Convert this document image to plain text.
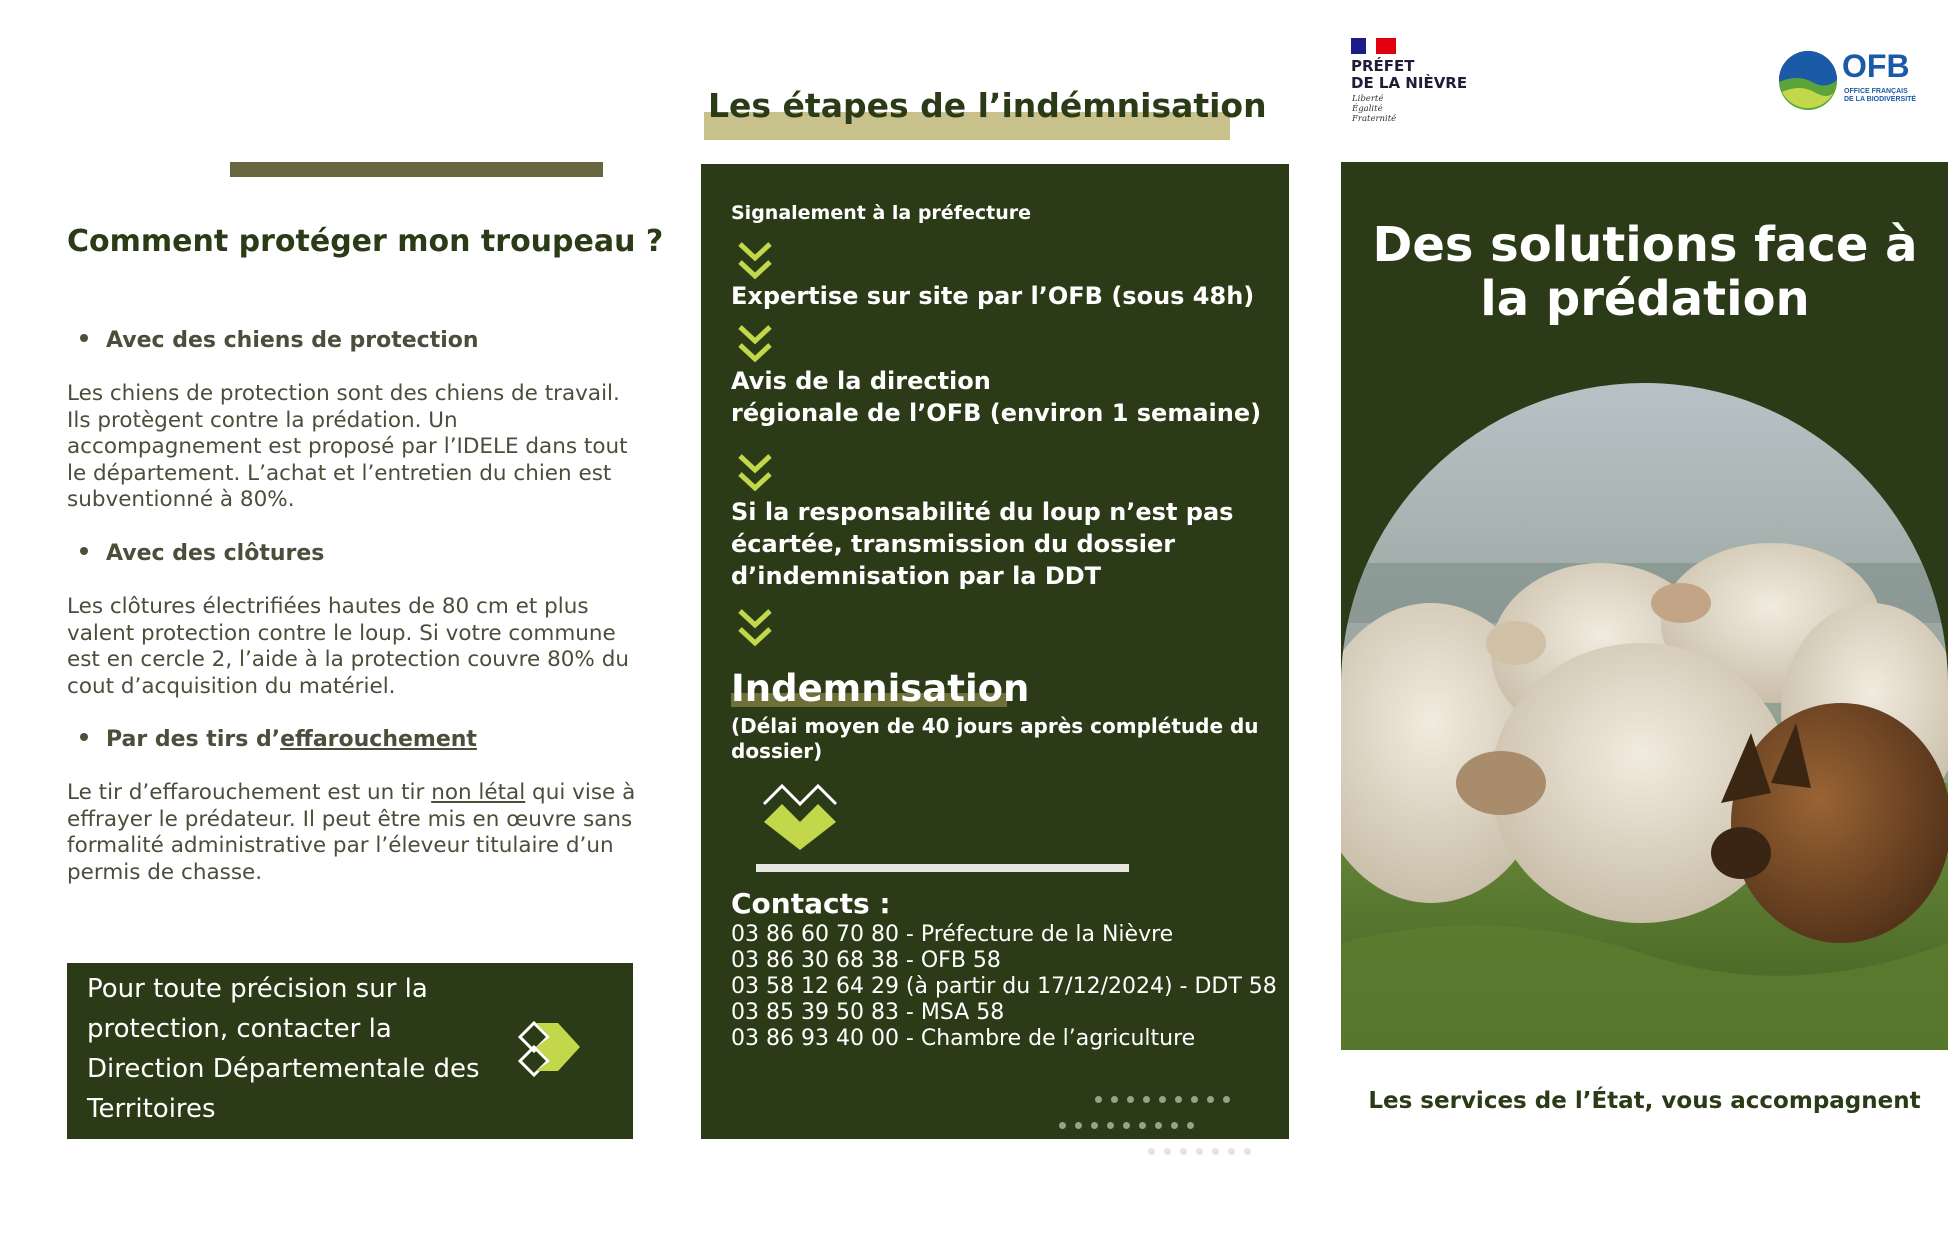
Comment protéger mon troupeau ?
Avec des chiens de protection
Les chiens de protection sont des chiens de travail. Ils protègent contre la prédation. Un accompagnement est proposé par l’IDELE dans tout le département. L’achat et l’entretien du chien est subventionné à 80%.
Avec des clôtures
Les clôtures électrifiées hautes de 80 cm et plus valent protection contre le loup. Si votre commune est en cercle 2, l’aide à la protection couvre 80% du cout d’acquisition du matériel.
Par des tirs d’effarouchement
Le tir d’effarouchement est un tir non létal qui vise à effrayer le prédateur. Il peut être mis en œuvre sans formalité administrative par l’éleveur titulaire d’un permis de chasse.
Pour toute précision sur la protection, contacter la Direction Départementale des Territoires
Les étapes de l’indémnisation
Signalement à la préfecture
Expertise sur site par l’OFB (sous 48h)
Avis de la direction
régionale de l’OFB (environ 1 semaine)
Si la responsabilité du loup n’est pas écartée, transmission du dossier d’indemnisation par la DDT
Indemnisation
(Délai moyen de 40 jours après complétude du dossier)
Contacts :
03 86 60 70 80 - Préfecture de la Nièvre
03 86 30 68 38 - OFB 58
03 58 12 64 29 (à partir du 17/12/2024) - DDT 58
03 85 39 50 83 - MSA 58
03 86 93 40 00 - Chambre de l’agriculture
Des solutions face à la prédation
Les services de l’État, vous accompagnent
PRÉFET
DE LA NIÈVRE
Liberté
Égalité
Fraternité
OFB
OFFICE FRANÇAIS
DE LA BIODIVERSITÉ
